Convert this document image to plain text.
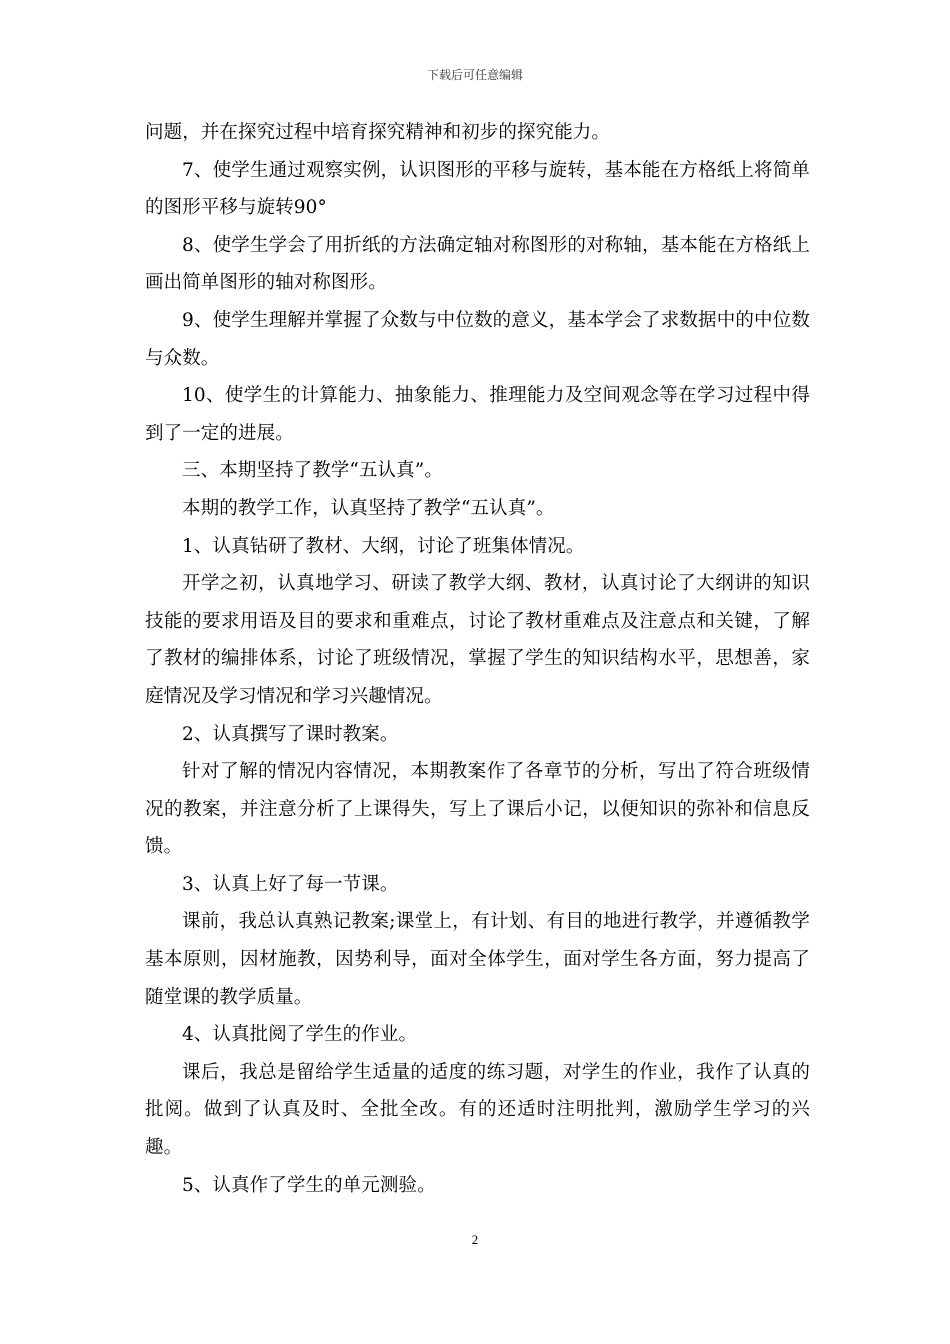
下载后可任意编辑

问题，并在探究过程中培育探究精神和初步的探究能力。

7、使学生通过观察实例，认识图形的平移与旋转，基本能在方格纸上将简单的图形平移与旋转90°

8、使学生学会了用折纸的方法确定轴对称图形的对称轴，基本能在方格纸上画出简单图形的轴对称图形。

9、使学生理解并掌握了众数与中位数的意义，基本学会了求数据中的中位数与众数。

10、使学生的计算能力、抽象能力、推理能力及空间观念等在学习过程中得到了一定的进展。

三、本期坚持了教学“五认真”。

本期的教学工作，认真坚持了教学“五认真”。

1、认真钻研了教材、大纲，讨论了班集体情况。

开学之初，认真地学习、研读了教学大纲、教材，认真讨论了大纲讲的知识技能的要求用语及目的要求和重难点，讨论了教材重难点及注意点和关键，了解了教材的编排体系，讨论了班级情况，掌握了学生的知识结构水平，思想善，家庭情况及学习情况和学习兴趣情况。

2、认真撰写了课时教案。

针对了解的情况内容情况，本期教案作了各章节的分析，写出了符合班级情况的教案，并注意分析了上课得失，写上了课后小记，以便知识的弥补和信息反馈。

3、认真上好了每一节课。

课前，我总认真熟记教案;课堂上，有计划、有目的地进行教学，并遵循教学基本原则，因材施教，因势利导，面对全体学生，面对学生各方面，努力提高了随堂课的教学质量。

4、认真批阅了学生的作业。

课后，我总是留给学生适量的适度的练习题，对学生的作业，我作了认真的批阅。做到了认真及时、全批全改。有的还适时注明批判，激励学生学习的兴趣。

5、认真作了学生的单元测验。

2
